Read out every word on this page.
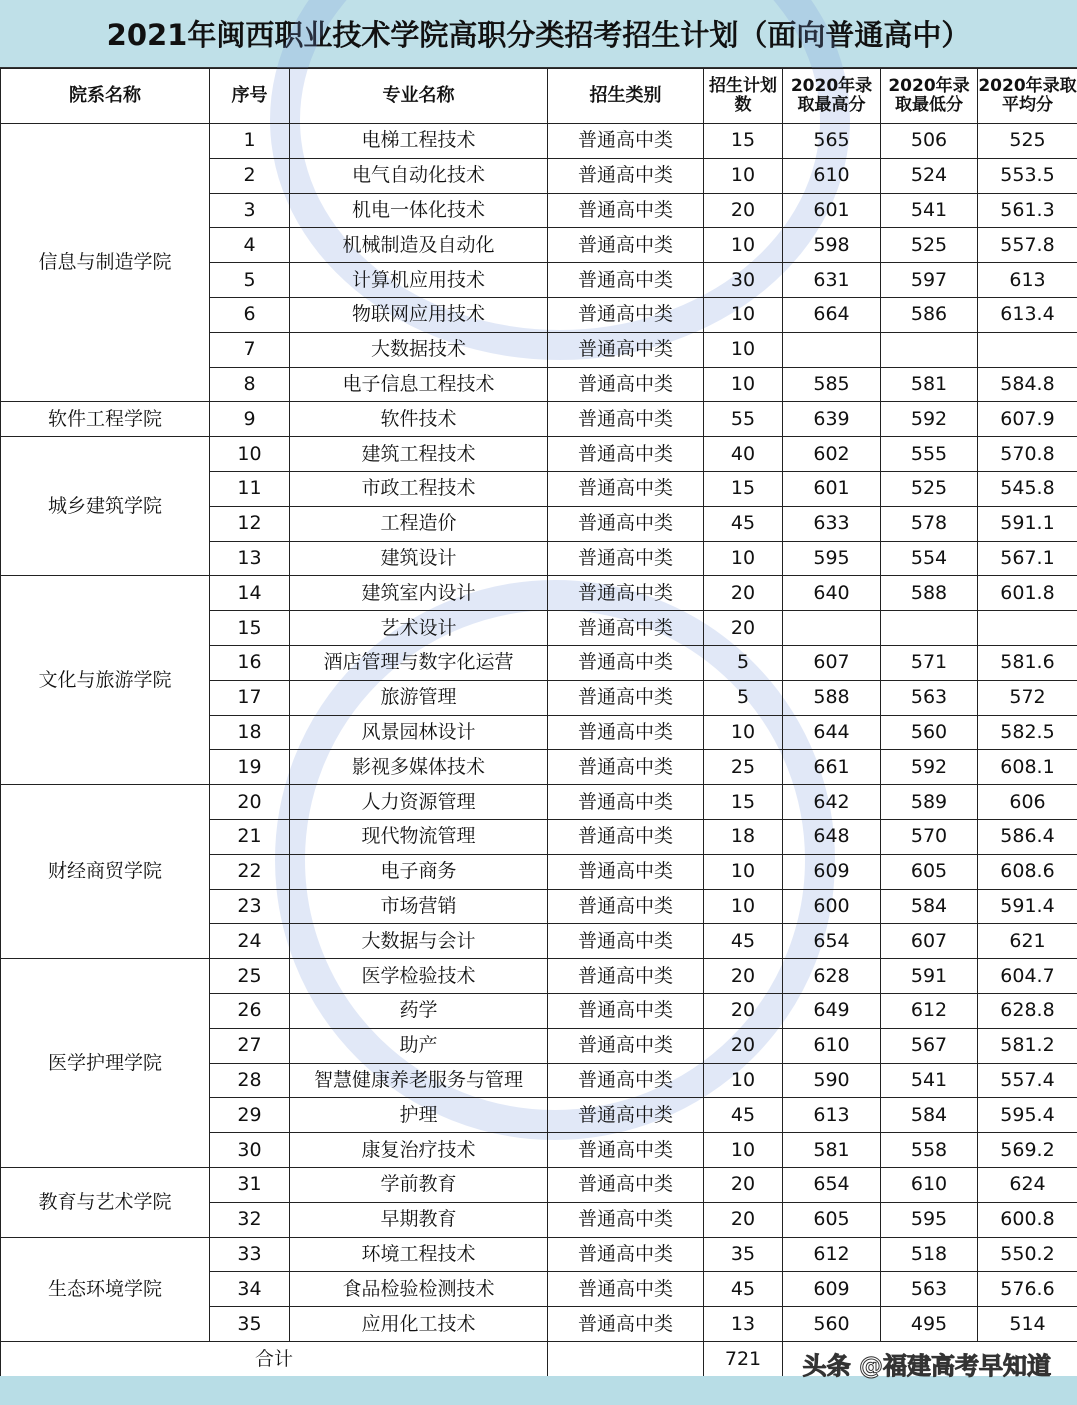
2021年闽西职业技术学院高职分类招考招生计划（面向普通高中）
院系名称	序号	专业名称	招生类别	招生计划数	2020年录取最高分	2020年录取最低分	2020年录取平均分
信息与制造学院	1	电梯工程技术	普通高中类	15	565	506	525
	2	电气自动化技术	普通高中类	10	610	524	553.5
	3	机电一体化技术	普通高中类	20	601	541	561.3
	4	机械制造及自动化	普通高中类	10	598	525	557.8
	5	计算机应用技术	普通高中类	30	631	597	613
	6	物联网应用技术	普通高中类	10	664	586	613.4
	7	大数据技术	普通高中类	10			
	8	电子信息工程技术	普通高中类	10	585	581	584.8
软件工程学院	9	软件技术	普通高中类	55	639	592	607.9
城乡建筑学院	10	建筑工程技术	普通高中类	40	602	555	570.8
	11	市政工程技术	普通高中类	15	601	525	545.8
	12	工程造价	普通高中类	45	633	578	591.1
	13	建筑设计	普通高中类	10	595	554	567.1
文化与旅游学院	14	建筑室内设计	普通高中类	20	640	588	601.8
	15	艺术设计	普通高中类	20			
	16	酒店管理与数字化运营	普通高中类	5	607	571	581.6
	17	旅游管理	普通高中类	5	588	563	572
	18	风景园林设计	普通高中类	10	644	560	582.5
	19	影视多媒体技术	普通高中类	25	661	592	608.1
财经商贸学院	20	人力资源管理	普通高中类	15	642	589	606
	21	现代物流管理	普通高中类	18	648	570	586.4
	22	电子商务	普通高中类	10	609	605	608.6
	23	市场营销	普通高中类	10	600	584	591.4
	24	大数据与会计	普通高中类	45	654	607	621
医学护理学院	25	医学检验技术	普通高中类	20	628	591	604.7
	26	药学	普通高中类	20	649	612	628.8
	27	助产	普通高中类	20	610	567	581.2
	28	智慧健康养老服务与管理	普通高中类	10	590	541	557.4
	29	护理	普通高中类	45	613	584	595.4
	30	康复治疗技术	普通高中类	10	581	558	569.2
教育与艺术学院	31	学前教育	普通高中类	20	654	610	624
	32	早期教育	普通高中类	20	605	595	600.8
生态环境学院	33	环境工程技术	普通高中类	35	612	518	550.2
	34	食品检验检测技术	普通高中类	45	609	563	576.6
	35	应用化工技术	普通高中类	13	560	495	514
合计				721			头条 @福建高考早知道
